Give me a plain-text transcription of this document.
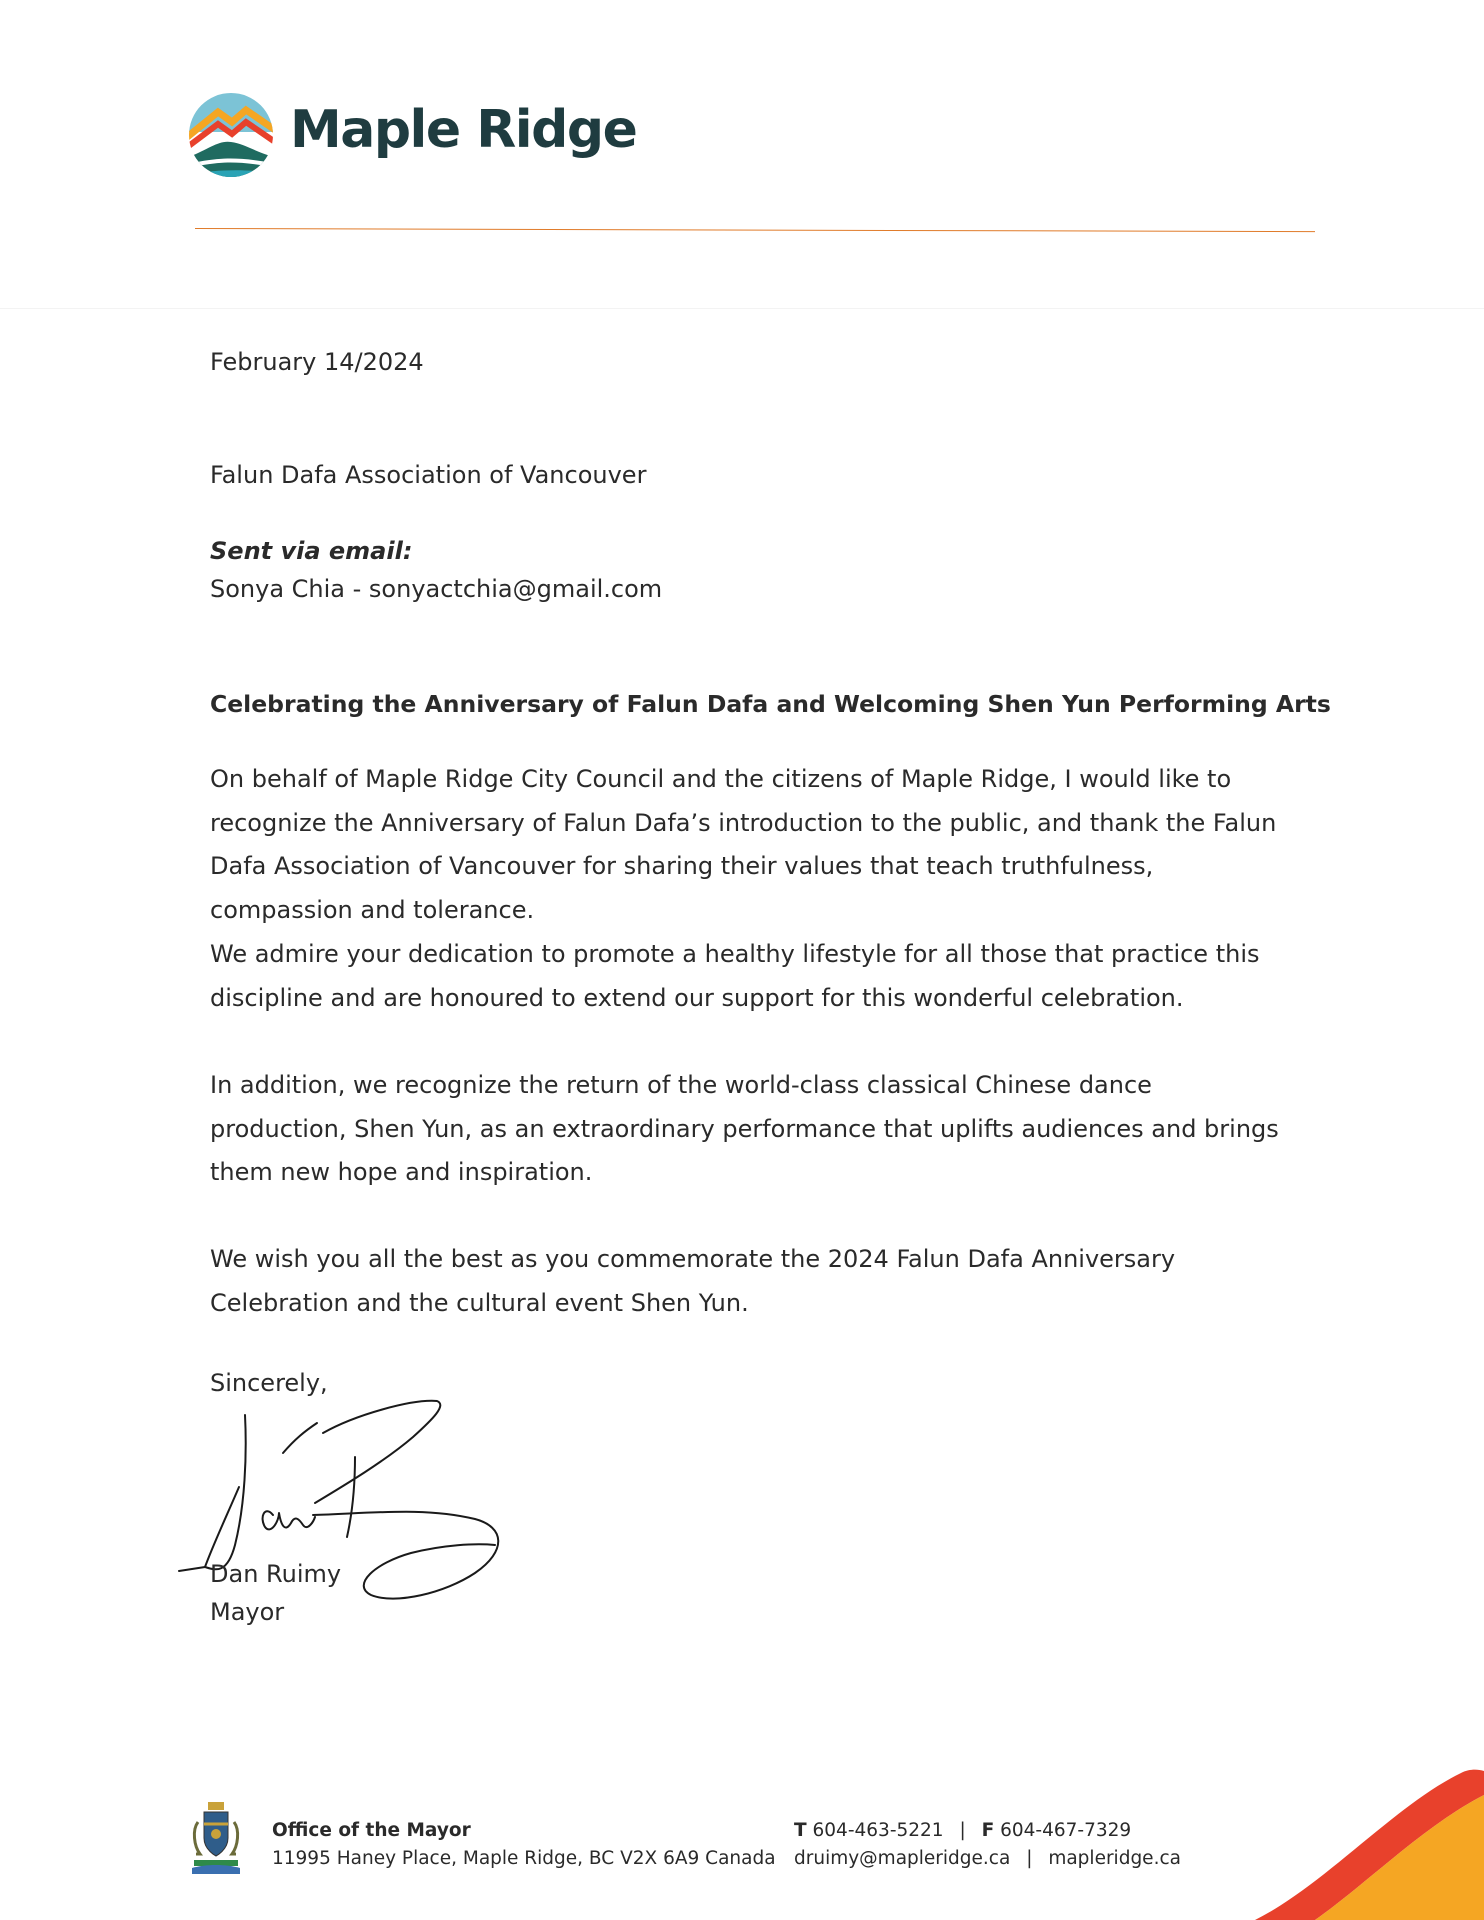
Maple Ridge
February 14/2024
Falun Dafa Association of Vancouver
Sent via email:
Sonya Chia - sonyactchia@gmail.com
Celebrating the Anniversary of Falun Dafa and Welcoming Shen Yun Performing Arts
On behalf of Maple Ridge City Council and the citizens of Maple Ridge, I would like to recognize the Anniversary of Falun Dafa’s introduction to the public, and thank the Falun Dafa Association of Vancouver for sharing their values that teach truthfulness, compassion and tolerance.
We admire your dedication to promote a healthy lifestyle for all those that practice this discipline and are honoured to extend our support for this wonderful celebration.
In addition, we recognize the return of the world-class classical Chinese dance production, Shen Yun, as an extraordinary performance that uplifts audiences and brings them new hope and inspiration.
We wish you all the best as you commemorate the 2024 Falun Dafa Anniversary Celebration and the cultural event Shen Yun.
Sincerely,
Dan Ruimy
Mayor
Office of the Mayor
11995 Haney Place, Maple Ridge, BC V2X 6A9 Canada
T 604-463-5221 | F 604-467-7329
druimy@mapleridge.ca | mapleridge.ca
